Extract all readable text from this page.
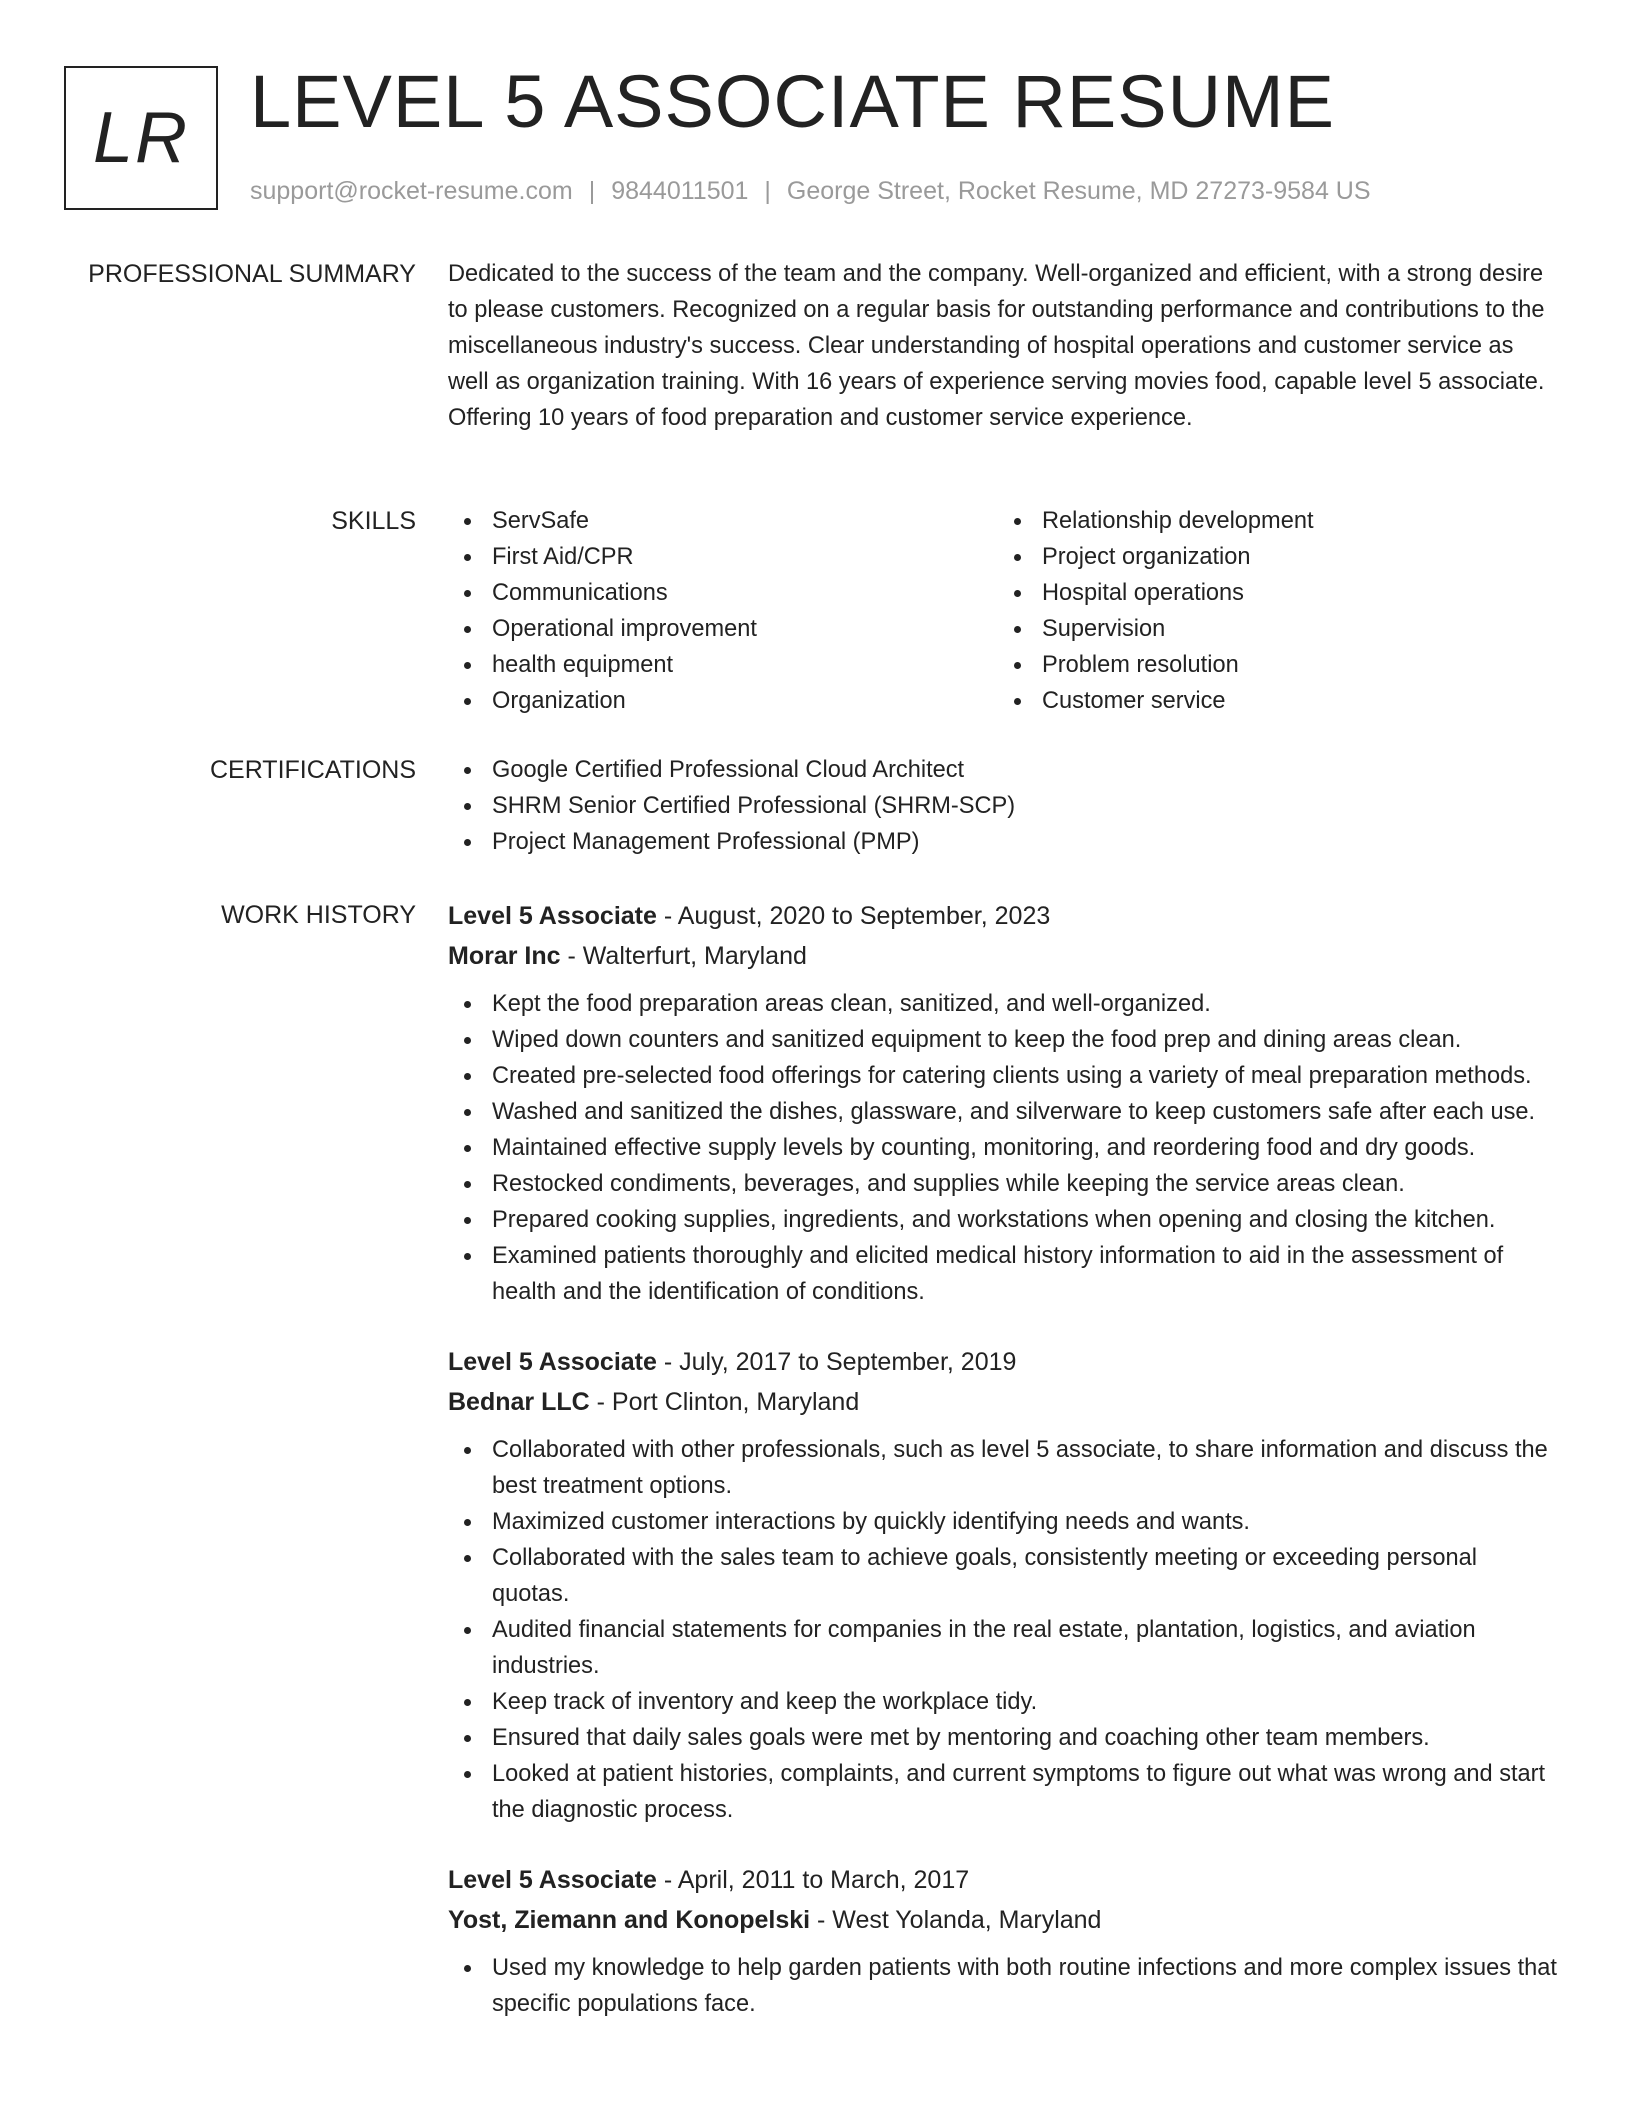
LR LEVEL 5 ASSOCIATE RESUME
support@rocket-resume.com | 9844011501 | George Street, Rocket Resume, MD 27273-9584 US
PROFESSIONAL SUMMARY Dedicated to the success of the team and the company. Well-organized and efficient, with a strong desire to please customers. Recognized on a regular basis for outstanding performance and contributions to the miscellaneous industry's success. Clear understanding of hospital operations and customer service as well as organization training. With 16 years of experience serving movies food, capable level 5 associate. Offering 10 years of food preparation and customer service experience.
SKILLS	ServSafe
First Aid/CPR
Communications
Operational improvement
health equipment
Organization
Relationship development
Project organization
Hospital operations
Supervision
Problem resolution
Customer service
CERTIFICATIONS	Google Certified Professional Cloud Architect
SHRM Senior Certified Professional (SHRM-SCP)
Project Management Professional (PMP)
WORK HISTORY Level 5 Associate - August, 2020 to September, 2023
Morar Inc - Walterfurt, Maryland
Kept the food preparation areas clean, sanitized, and well-organized.
Wiped down counters and sanitized equipment to keep the food prep and dining areas clean.
Created pre-selected food offerings for catering clients using a variety of meal preparation methods.
Washed and sanitized the dishes, glassware, and silverware to keep customers safe after each use.
Maintained effective supply levels by counting, monitoring, and reordering food and dry goods.
Restocked condiments, beverages, and supplies while keeping the service areas clean.
Prepared cooking supplies, ingredients, and workstations when opening and closing the kitchen.
Examined patients thoroughly and elicited medical history information to aid in the assessment of health and the identification of conditions.
Level 5 Associate - July, 2017 to September, 2019
Bednar LLC - Port Clinton, Maryland
Collaborated with other professionals, such as level 5 associate, to share information and discuss the best treatment options.
Maximized customer interactions by quickly identifying needs and wants.
Collaborated with the sales team to achieve goals, consistently meeting or exceeding personal quotas.
Audited financial statements for companies in the real estate, plantation, logistics, and aviation industries.
Keep track of inventory and keep the workplace tidy.
Ensured that daily sales goals were met by mentoring and coaching other team members.
Looked at patient histories, complaints, and current symptoms to figure out what was wrong and start the diagnostic process.
Level 5 Associate - April, 2011 to March, 2017
Yost, Ziemann and Konopelski - West Yolanda, Maryland
Used my knowledge to help garden patients with both routine infections and more complex issues that specific populations face.
